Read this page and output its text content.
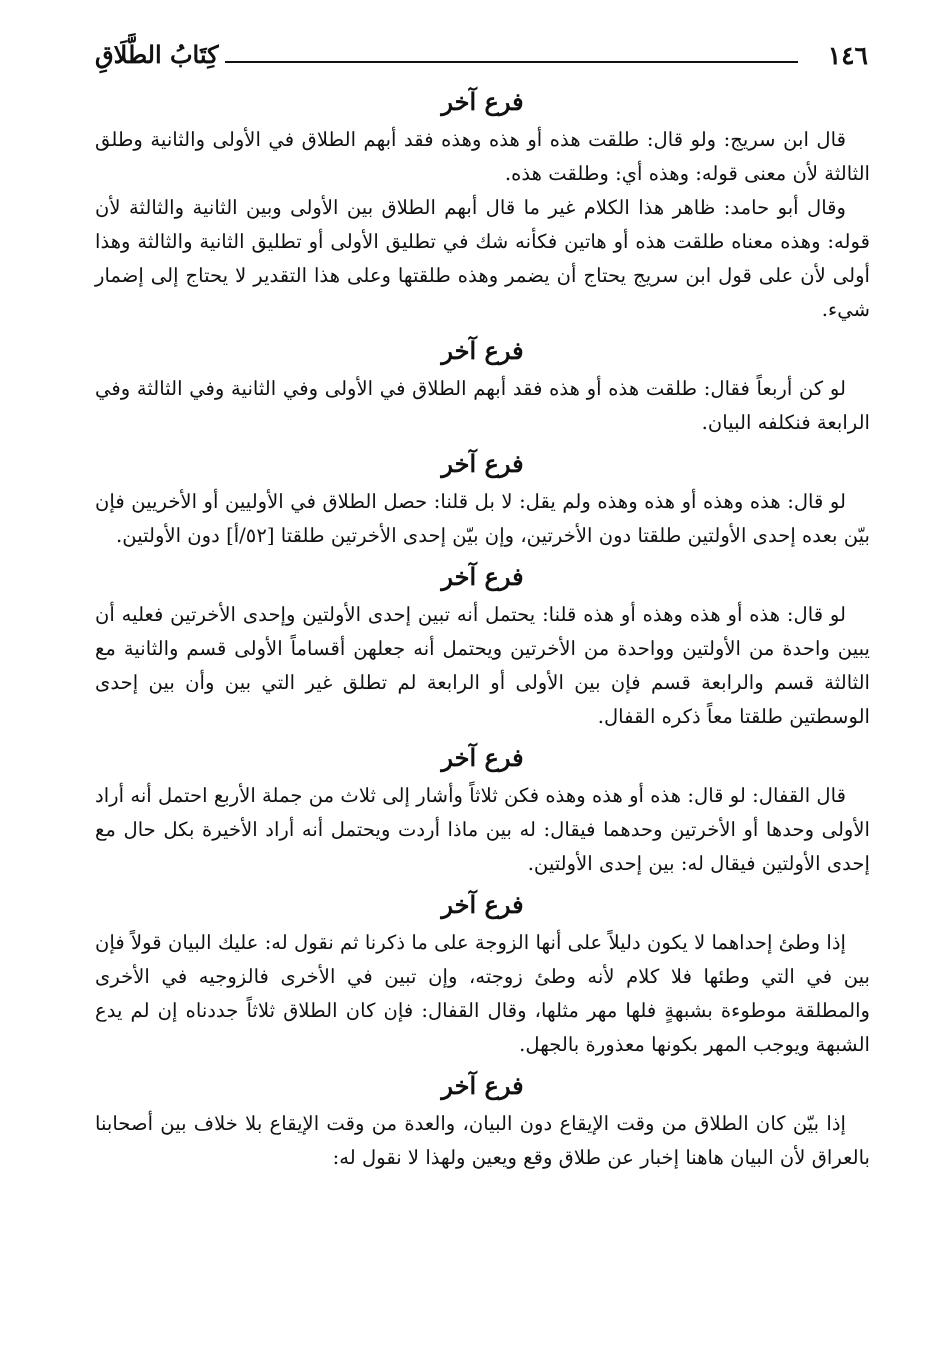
١٤٦
كِتَابُ الطَّلَاقِ
فرع آخر

قال ابن سريج: ولو قال: طلقت هذه أو هذه وهذه فقد أبهم الطلاق في الأولى والثانية وطلق الثالثة لأن معنى قوله: وهذه أي: وطلقت هذه.

وقال أبو حامد: ظاهر هذا الكلام غير ما قال أبهم الطلاق بين الأولى وبين الثانية والثالثة لأن قوله: وهذه معناه طلقت هذه أو هاتين فكأنه شك في تطليق الأولى أو تطليق الثانية والثالثة وهذا أولى لأن على قول ابن سريج يحتاج أن يضمر وهذه طلقتها وعلى هذا التقدير لا يحتاج إلى إضمار شيء.

فرع آخر

لو كن أربعاً فقال: طلقت هذه أو هذه فقد أبهم الطلاق في الأولى وفي الثانية وفي الثالثة وفي الرابعة فنكلفه البيان.

فرع آخر

لو قال: هذه وهذه أو هذه وهذه ولم يقل: لا بل قلنا: حصل الطلاق في الأوليين أو الأخريين فإن بيّن بعده إحدى الأولتين طلقتا دون الأخرتين، وإن بيّن إحدى الأخرتين طلقتا [٥٢/أ] دون الأولتين.

فرع آخر

لو قال: هذه أو هذه وهذه أو هذه قلنا: يحتمل أنه تبين إحدى الأولتين وإحدى الأخرتين فعليه أن يبين واحدة من الأولتين وواحدة من الأخرتين ويحتمل أنه جعلهن أقساماً الأولى قسم والثانية مع الثالثة قسم والرابعة قسم فإن بين الأولى أو الرابعة لم تطلق غير التي بين وأن بين إحدى الوسطتين طلقتا معاً ذكره القفال.

فرع آخر

قال القفال: لو قال: هذه أو هذه وهذه فكن ثلاثاً وأشار إلى ثلاث من جملة الأربع احتمل أنه أراد الأولى وحدها أو الأخرتين وحدهما فيقال: له بين ماذا أردت ويحتمل أنه أراد الأخيرة بكل حال مع إحدى الأولتين فيقال له: بين إحدى الأولتين.

فرع آخر

إذا وطئ إحداهما لا يكون دليلاً على أنها الزوجة على ما ذكرنا ثم نقول له: عليك البيان قولاً فإن بين في التي وطئها فلا كلام لأنه وطئ زوجته، وإن تبين في الأخرى فالزوجيه في الأخرى والمطلقة موطوءة بشبهةٍ فلها مهر مثلها، وقال القفال: فإن كان الطلاق ثلاثاً جددناه إن لم يدع الشبهة ويوجب المهر بكونها معذورة بالجهل.

فرع آخر

إذا بيّن كان الطلاق من وقت الإيقاع دون البيان، والعدة من وقت الإيقاع بلا خلاف بين أصحابنا بالعراق لأن البيان هاهنا إخبار عن طلاق وقع ويعين ولهذا لا نقول له:
